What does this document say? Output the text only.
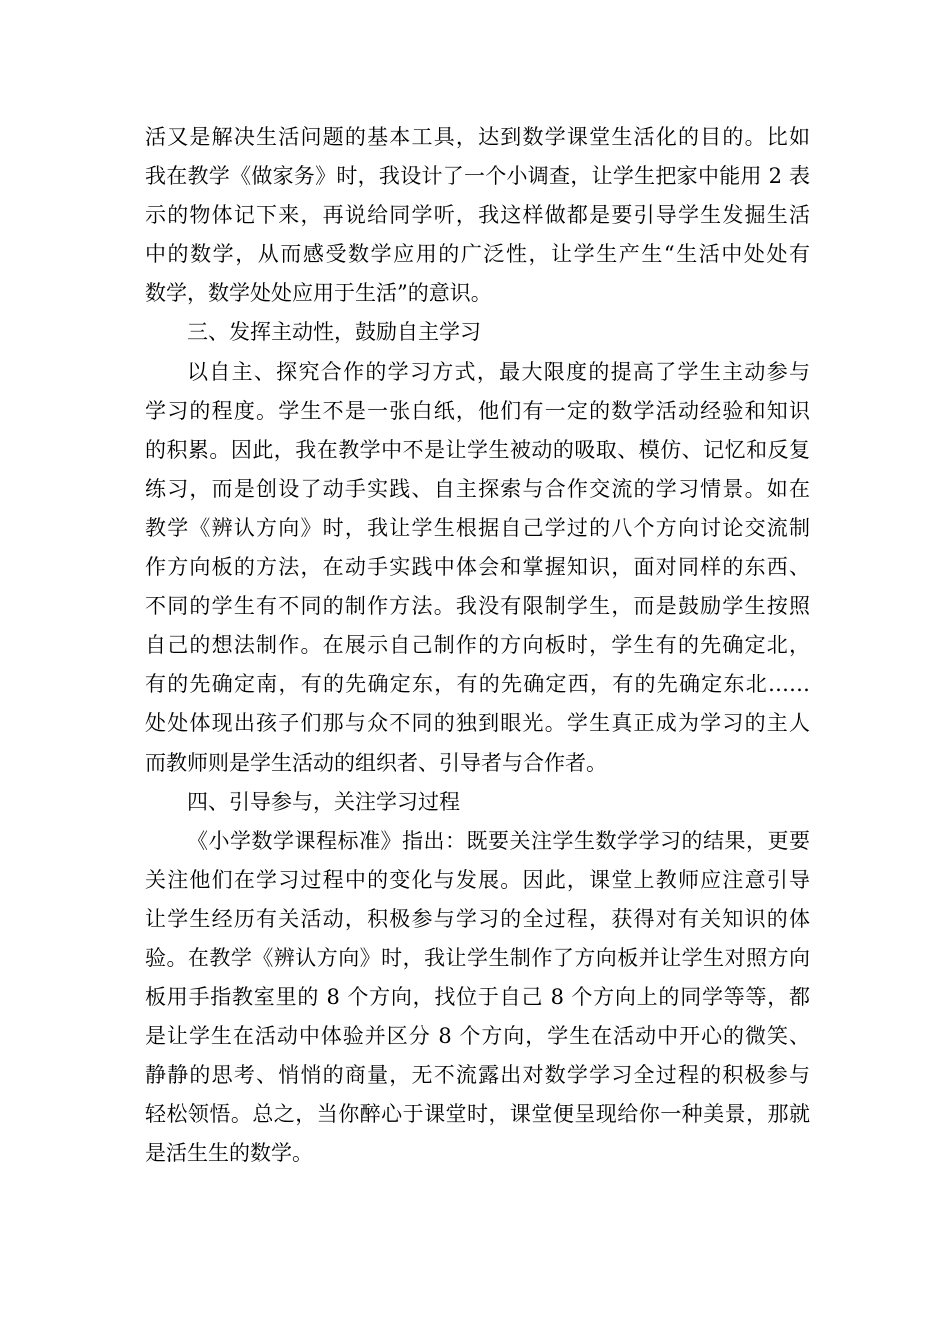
活又是解决生活问题的基本工具，达到数学课堂生活化的目的。比如
我在教学《做家务》时，我设计了一个小调查，让学生把家中能用 2 表
示的物体记下来，再说给同学听，我这样做都是要引导学生发掘生活
中的数学，从而感受数学应用的广泛性，让学生产生“生活中处处有
数学，数学处处应用于生活”的意识。
三、发挥主动性，鼓励自主学习
以自主、探究合作的学习方式，最大限度的提高了学生主动参与
学习的程度。学生不是一张白纸，他们有一定的数学活动经验和知识
的积累。因此，我在教学中不是让学生被动的吸取、模仿、记忆和反复
练习，而是创设了动手实践、自主探索与合作交流的学习情景。如在
教学《辨认方向》时，我让学生根据自己学过的八个方向讨论交流制
作方向板的方法，在动手实践中体会和掌握知识，面对同样的东西、
不同的学生有不同的制作方法。我没有限制学生，而是鼓励学生按照
自己的想法制作。在展示自己制作的方向板时，学生有的先确定北，
有的先确定南，有的先确定东，有的先确定西，有的先确定东北……
处处体现出孩子们那与众不同的独到眼光。学生真正成为学习的主人
而教师则是学生活动的组织者、引导者与合作者。
四、引导参与，关注学习过程
《小学数学课程标准》指出：既要关注学生数学学习的结果，更要
关注他们在学习过程中的变化与发展。因此，课堂上教师应注意引导
让学生经历有关活动，积极参与学习的全过程，获得对有关知识的体
验。在教学《辨认方向》时，我让学生制作了方向板并让学生对照方向
板用手指教室里的 8 个方向，找位于自己 8 个方向上的同学等等，都
是让学生在活动中体验并区分 8 个方向，学生在活动中开心的微笑、
静静的思考、悄悄的商量，无不流露出对数学学习全过程的积极参与
轻松领悟。总之，当你醉心于课堂时，课堂便呈现给你一种美景，那就
是活生生的数学。
